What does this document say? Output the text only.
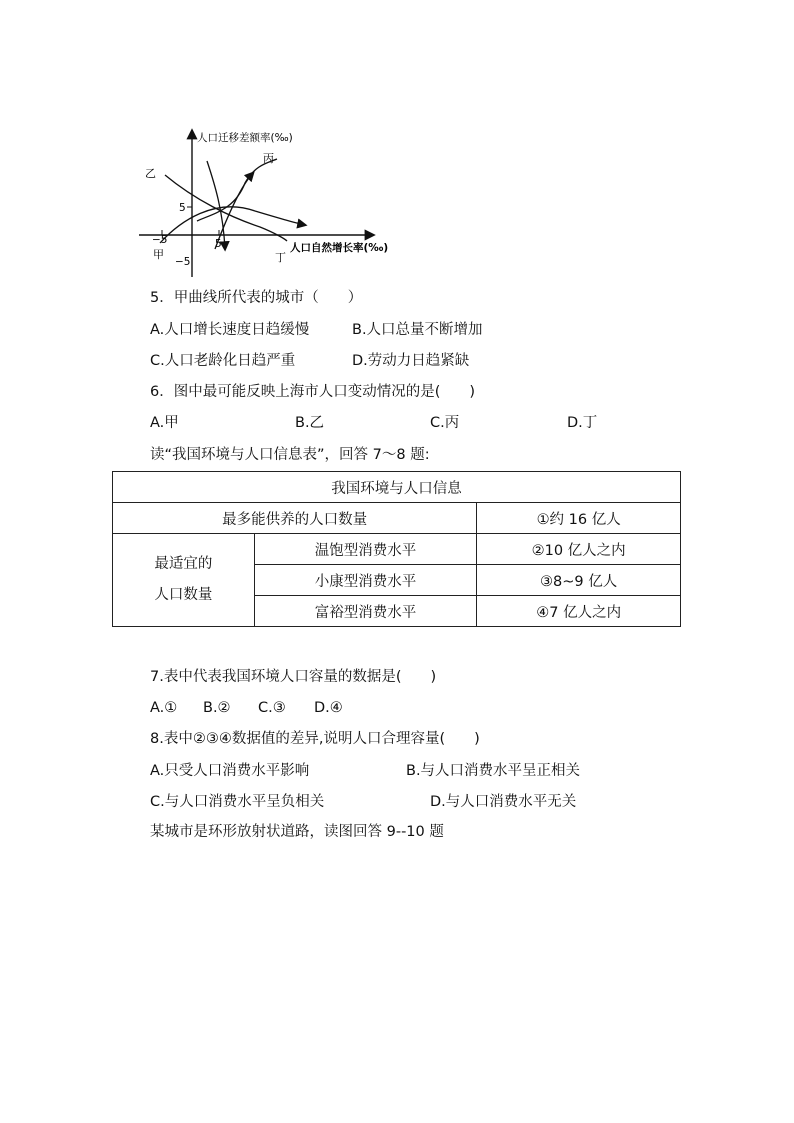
人口迁移差额率(‰)
人口自然增长率(‰)
5
−5
5
−5
甲
乙
丙
丁
5．甲曲线所代表的城市（　　）
A.人口增长速度日趋缓慢	B.人口总量不断增加
C.人口老龄化日趋严重	D.劳动力日趋紧缺
6．图中最可能反映上海市人口变动情况的是(　　)
A.甲	B.乙	C.丙	D.丁
读“我国环境与人口信息表”，回答 7～8 题:
我国环境与人口信息		
最多能供养的人口数量		①约 16 亿人

最适宜的
人口数量	温饱型消费水平	②10 亿人之内
	小康型消费水平	③8~9 亿人
	富裕型消费水平	④7 亿人之内
7.表中代表我国环境人口容量的数据是(　　)
A.① B.② C.③ D.④
8.表中②③④数据值的差异,说明人口合理容量(　　)
A.只受人口消费水平影响	B.与人口消费水平呈正相关
C.与人口消费水平呈负相关	D.与人口消费水平无关
某城市是环形放射状道路，读图回答 9--10 题
